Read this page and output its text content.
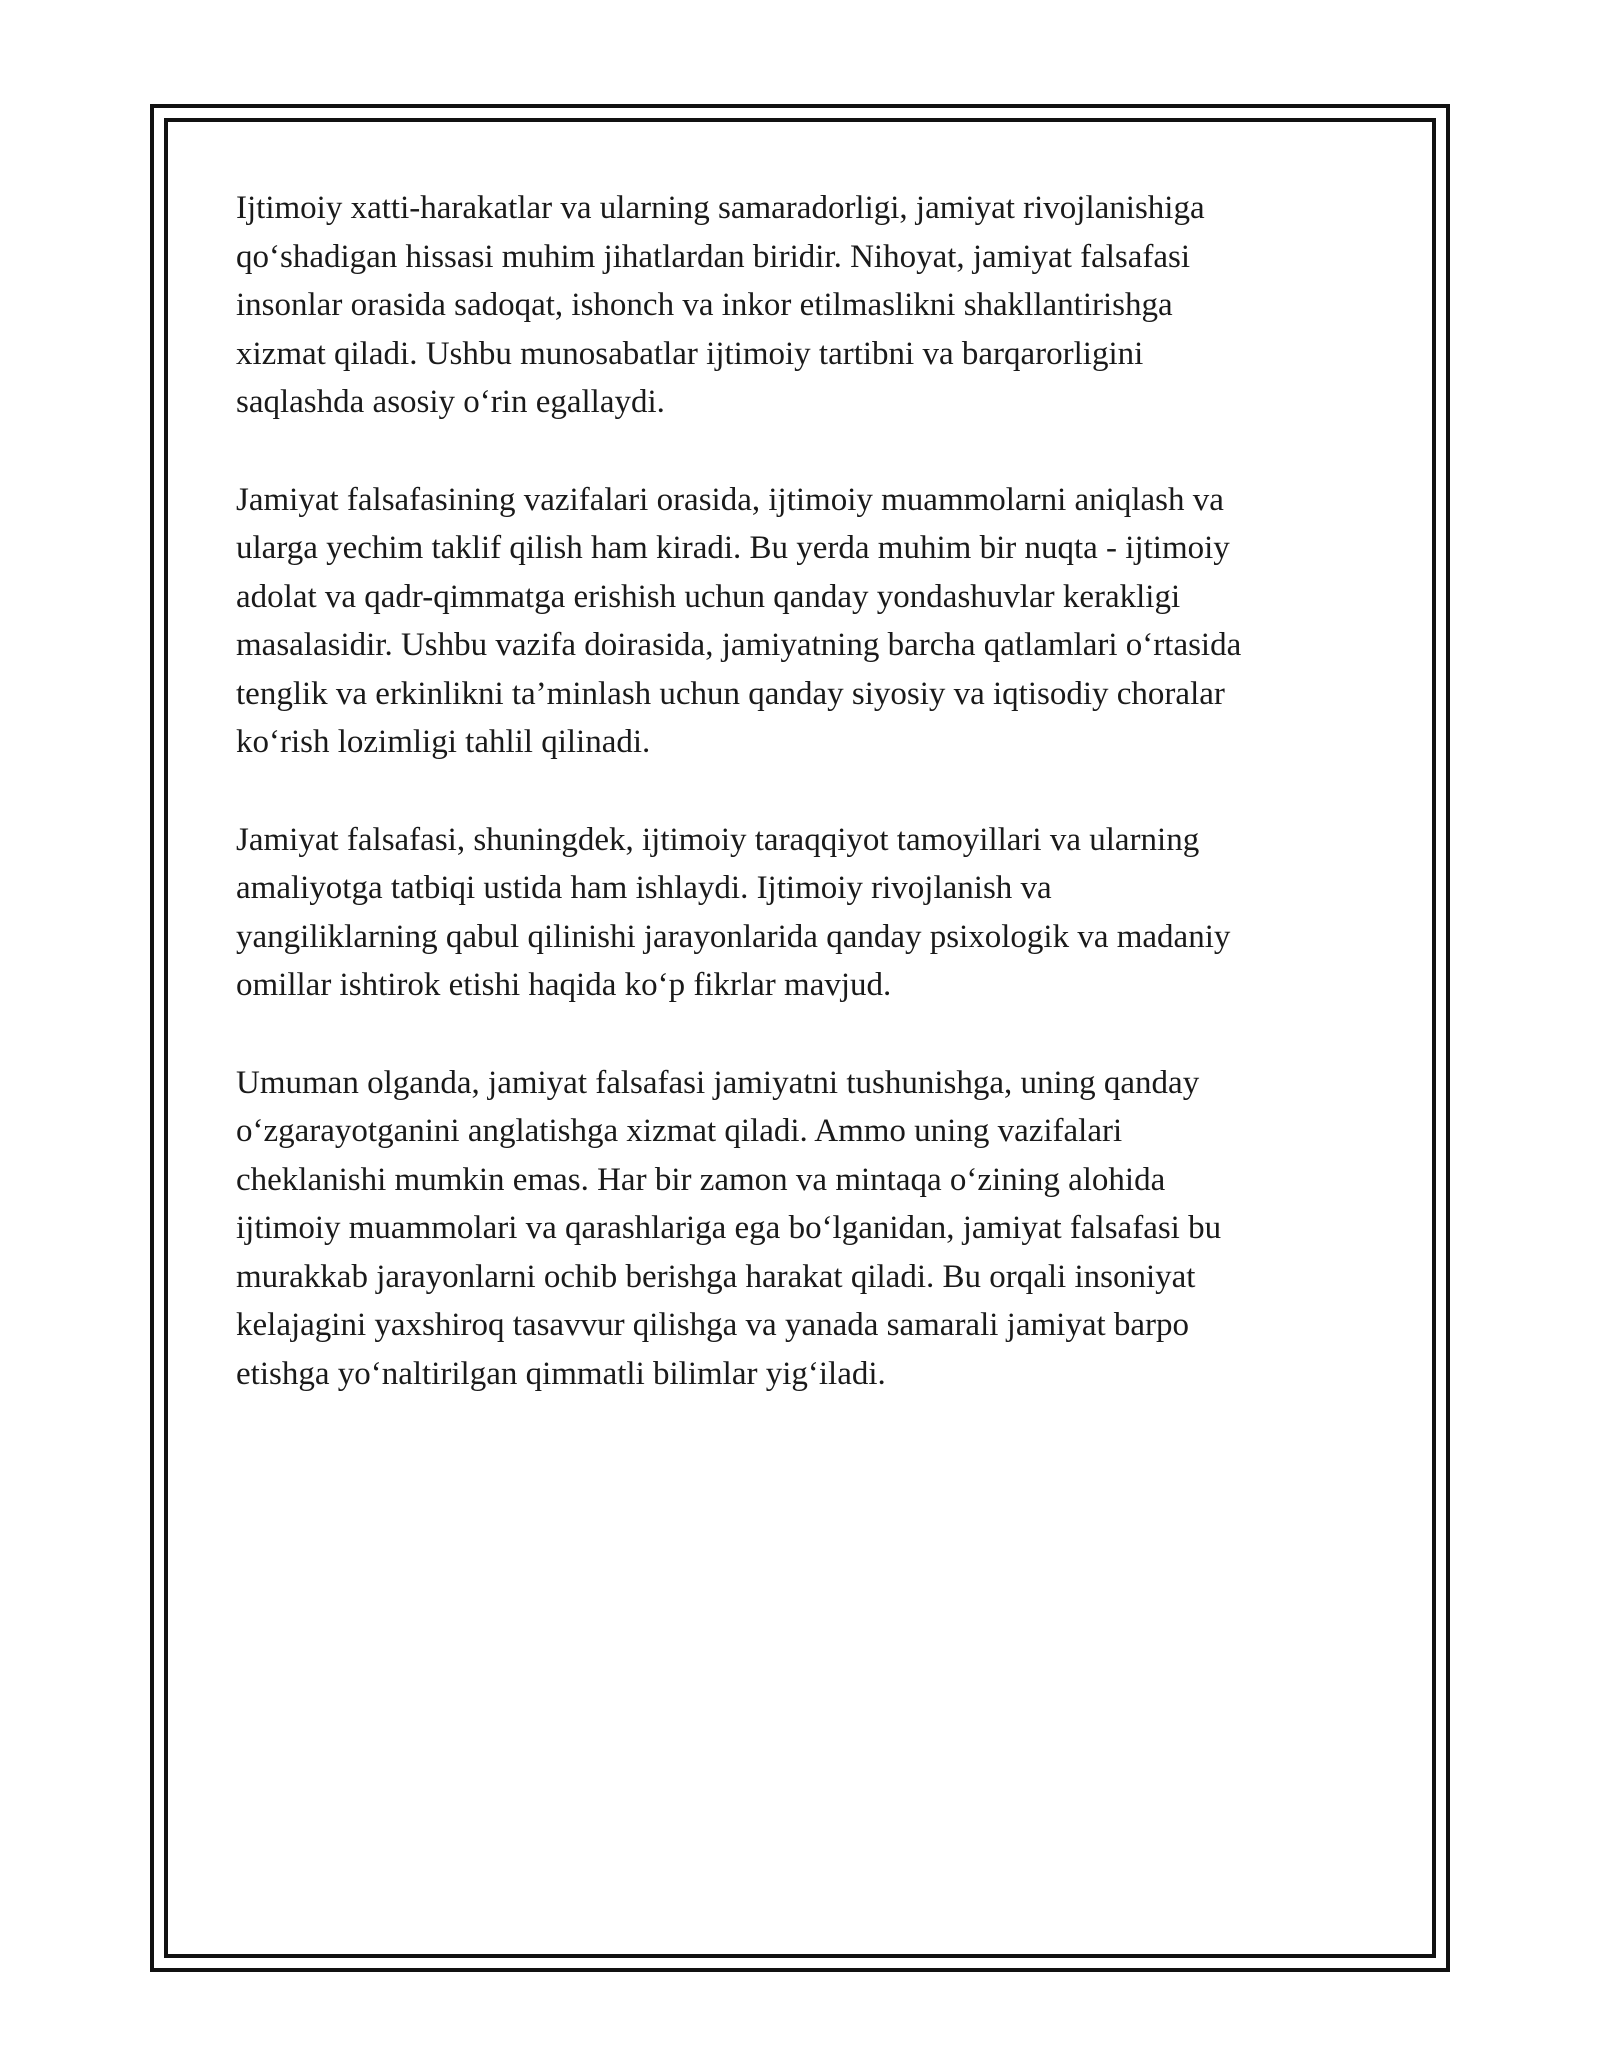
Ijtimoiy xatti-harakatlar va ularning samaradorligi, jamiyat rivojlanishiga
qo‘shadigan hissasi muhim jihatlardan biridir. Nihoyat, jamiyat falsafasi
insonlar orasida sadoqat, ishonch va inkor etilmaslikni shakllantirishga
xizmat qiladi. Ushbu munosabatlar ijtimoiy tartibni va barqarorligini
saqlashda asosiy o‘rin egallaydi.

Jamiyat falsafasining vazifalari orasida, ijtimoiy muammolarni aniqlash va
ularga yechim taklif qilish ham kiradi. Bu yerda muhim bir nuqta - ijtimoiy
adolat va qadr-qimmatga erishish uchun qanday yondashuvlar kerakligi
masalasidir. Ushbu vazifa doirasida, jamiyatning barcha qatlamlari o‘rtasida
tenglik va erkinlikni ta’minlash uchun qanday siyosiy va iqtisodiy choralar
ko‘rish lozimligi tahlil qilinadi.

Jamiyat falsafasi, shuningdek, ijtimoiy taraqqiyot tamoyillari va ularning
amaliyotga tatbiqi ustida ham ishlaydi. Ijtimoiy rivojlanish va
yangiliklarning qabul qilinishi jarayonlarida qanday psixologik va madaniy
omillar ishtirok etishi haqida ko‘p fikrlar mavjud.

Umuman olganda, jamiyat falsafasi jamiyatni tushunishga, uning qanday
o‘zgarayotganini anglatishga xizmat qiladi. Ammo uning vazifalari
cheklanishi mumkin emas. Har bir zamon va mintaqa o‘zining alohida
ijtimoiy muammolari va qarashlariga ega bo‘lganidan, jamiyat falsafasi bu
murakkab jarayonlarni ochib berishga harakat qiladi. Bu orqali insoniyat
kelajagini yaxshiroq tasavvur qilishga va yanada samarali jamiyat barpo
etishga yo‘naltirilgan qimmatli bilimlar yig‘iladi.
